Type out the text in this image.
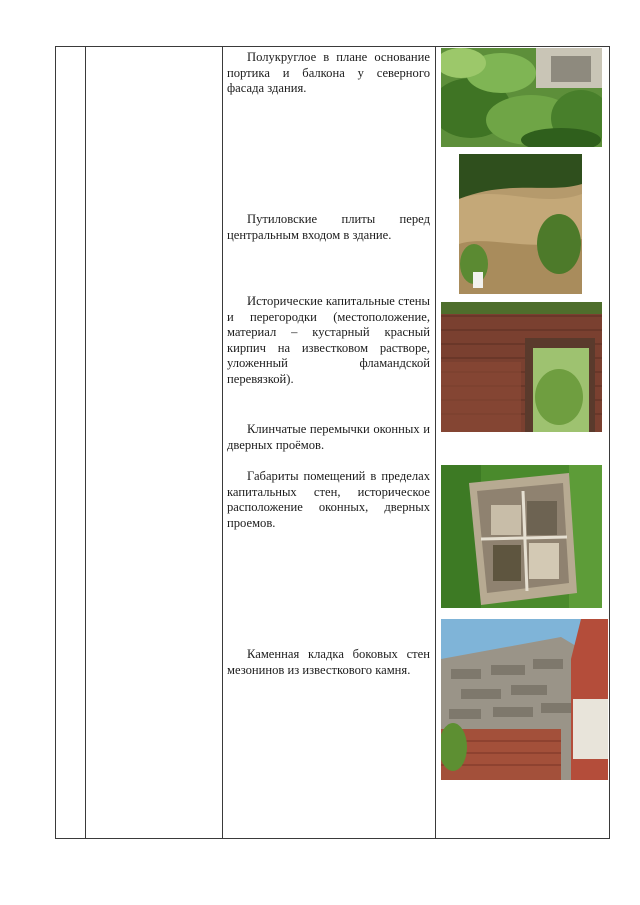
Полукруглое в плане основание портика и балкона у северного фасада здания.

Путиловские плиты перед центральным входом в здание.

Исторические капитальные стены и перегородки (местоположение, материал – кустарный красный кирпич на известковом растворе, уложенный фламандской перевязкой).

Клинчатые перемычки оконных и дверных проёмов.

Габариты помещений в пределах капитальных стен, историческое расположение оконных, дверных проемов.

Каменная кладка боковых стен мезонинов из известкового камня.
